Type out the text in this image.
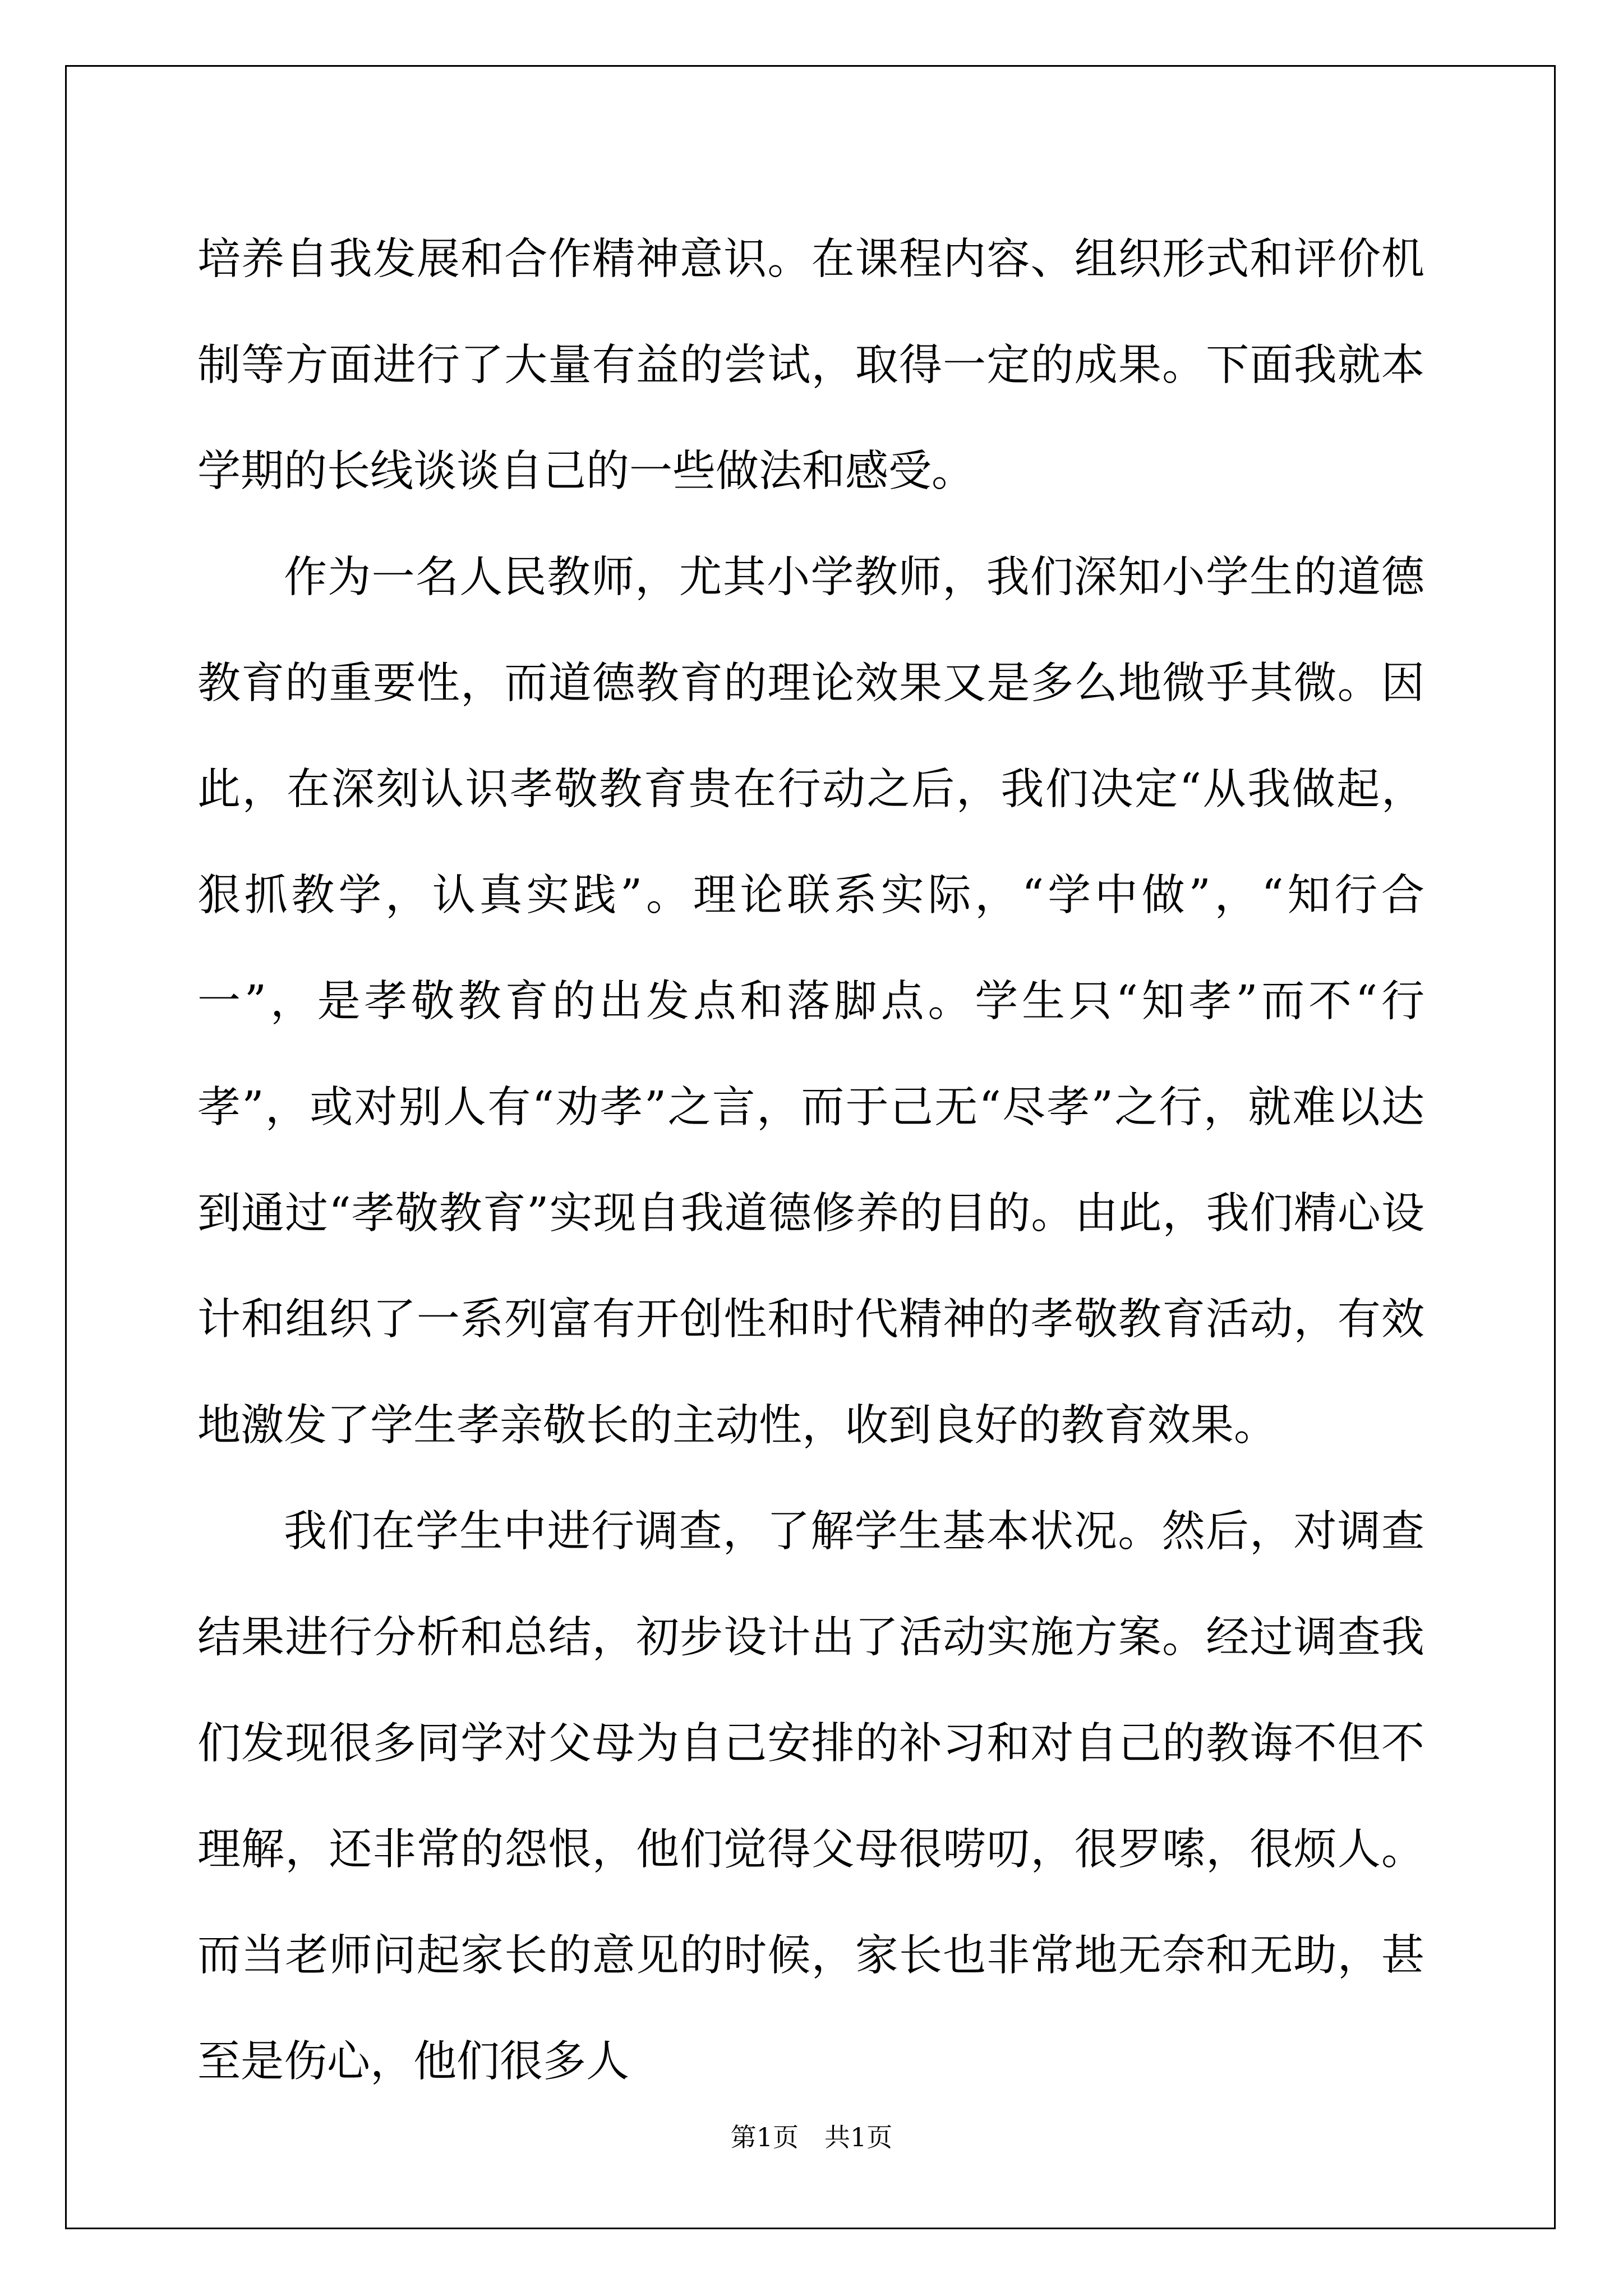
培养自我发展和合作精神意识。在课程内容、组织形式和评价机制等方面进行了大量有益的尝试，取得一定的成果。下面我就本学期的长线谈谈自己的一些做法和感受。

作为一名人民教师，尤其小学教师，我们深知小学生的道德教育的重要性，而道德教育的理论效果又是多么地微乎其微。因此，在深刻认识孝敬教育贵在行动之后，我们决定“从我做起，狠抓教学，认真实践”。理论联系实际，“学中做”，“知行合一”，是孝敬教育的出发点和落脚点。学生只“知孝”而不“行孝”，或对别人有“劝孝”之言，而于己无“尽孝”之行，就难以达到通过“孝敬教育”实现自我道德修养的目的。由此，我们精心设计和组织了一系列富有开创性和时代精神的孝敬教育活动，有效地激发了学生孝亲敬长的主动性，收到良好的教育效果。

我们在学生中进行调查，了解学生基本状况。然后，对调查结果进行分析和总结，初步设计出了活动实施方案。经过调查我们发现很多同学对父母为自己安排的补习和对自己的教诲不但不理解，还非常的怨恨，他们觉得父母很唠叨，很罗嗦，很烦人。而当老师问起家长的意见的时候，家长也非常地无奈和无助，甚至是伤心，他们很多人

第1页 共1页
